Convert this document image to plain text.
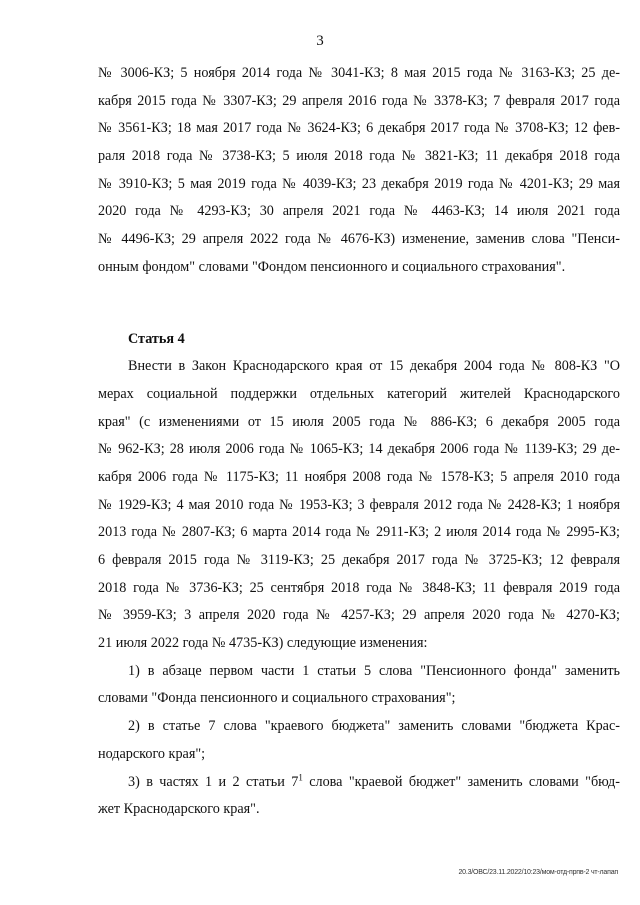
3
№ 3006-КЗ; 5 ноября 2014 года № 3041-КЗ; 8 мая 2015 года № 3163-КЗ; 25 де-
кабря 2015 года № 3307-КЗ; 29 апреля 2016 года № 3378-КЗ; 7 февраля 2017 года
№ 3561-КЗ; 18 мая 2017 года № 3624-КЗ; 6 декабря 2017 года № 3708-КЗ; 12 фев-
раля 2018 года № 3738-КЗ; 5 июля 2018 года № 3821-КЗ; 11 декабря 2018 года
№ 3910-КЗ; 5 мая 2019 года № 4039-КЗ; 23 декабря 2019 года № 4201-КЗ; 29 мая
2020 года № 4293-КЗ; 30 апреля 2021 года № 4463-КЗ; 14 июля 2021 года
№ 4496-КЗ; 29 апреля 2022 года № 4676-КЗ) изменение, заменив слова "Пенси-
онным фондом" словами "Фондом пенсионного и социального страхования".
Статья 4
Внести в Закон Краснодарского края от 15 декабря 2004 года № 808-КЗ "О
мерах социальной поддержки отдельных категорий жителей Краснодарского
края" (с изменениями от 15 июля 2005 года № 886-КЗ; 6 декабря 2005 года
№ 962-КЗ; 28 июля 2006 года № 1065-КЗ; 14 декабря 2006 года № 1139-КЗ; 29 де-
кабря 2006 года № 1175-КЗ; 11 ноября 2008 года № 1578-КЗ; 5 апреля 2010 года
№ 1929-КЗ; 4 мая 2010 года № 1953-КЗ; 3 февраля 2012 года № 2428-КЗ; 1 ноября
2013 года № 2807-КЗ; 6 марта 2014 года № 2911-КЗ; 2 июля 2014 года № 2995-КЗ;
6 февраля 2015 года № 3119-КЗ; 25 декабря 2017 года № 3725-КЗ; 12 февраля
2018 года № 3736-КЗ; 25 сентября 2018 года № 3848-КЗ; 11 февраля 2019 года
№ 3959-КЗ; 3 апреля 2020 года № 4257-КЗ; 29 апреля 2020 года № 4270-КЗ;
21 июля 2022 года № 4735-КЗ) следующие изменения:
1) в абзаце первом части 1 статьи 5 слова "Пенсионного фонда" заменить
словами "Фонда пенсионного и социального страхования";
2) в статье 7 слова "краевого бюджета" заменить словами "бюджета Крас-
нодарского края";
3) в частях 1 и 2 статьи $7^1$ слова "краевой бюджет" заменить словами "бюд-
жет Краснодарского края".
20.3/ОВС/23.11.2022/10:23/мом-отд-прпв-2 чт-лапап
